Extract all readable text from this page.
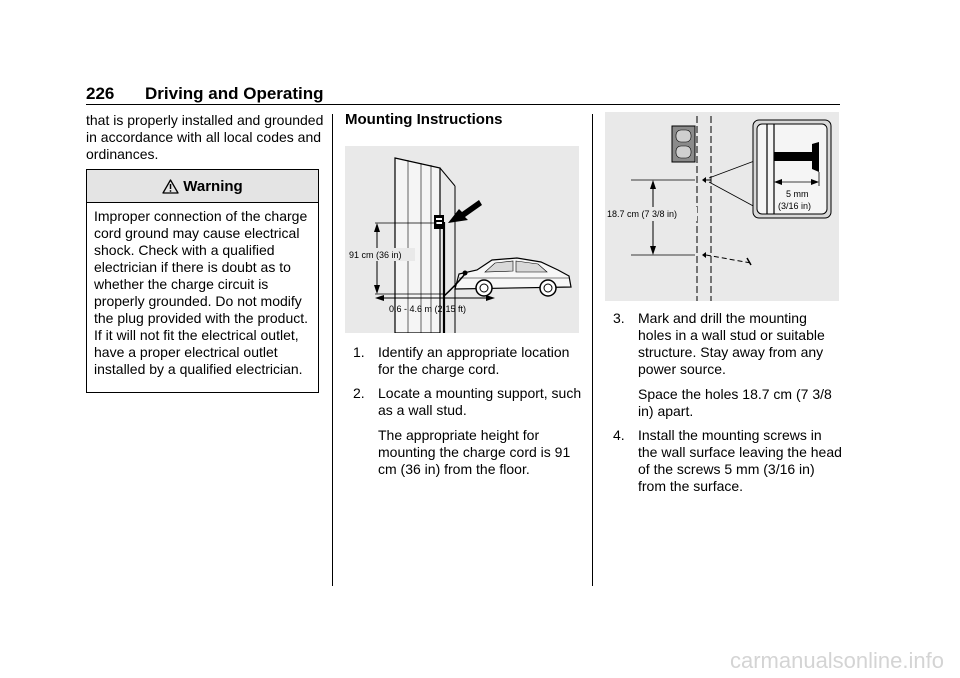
226 Driving and Operating

that is properly installed and grounded in accordance with all local codes and ordinances.

Warning

Improper connection of the charge cord ground may cause electrical shock. Check with a qualified electrician if there is doubt as to whether the charge circuit is properly grounded. Do not modify the plug provided with the product. If it will not fit the electrical outlet, have a proper electrical outlet installed by a qualified electrician.

Mounting Instructions
91 cm (36 in)
0.6 - 4.6 m (2-15 ft)
1. Identify an appropriate location for the charge cord.
2. Locate a mounting support, such as a wall stud.

The appropriate height for mounting the charge cord is 91 cm (36 in) from the floor.

18.7 cm (7 3/8 in)
5 mm
(3/16 in)
3. Mark and drill the mounting holes in a wall stud or suitable structure. Stay away from any power source.

Space the holes 18.7 cm (7 3/8 in) apart.

4. Install the mounting screws in the wall surface leaving the head of the screws 5 mm (3/16 in) from the surface.
carmanualsonline.info
